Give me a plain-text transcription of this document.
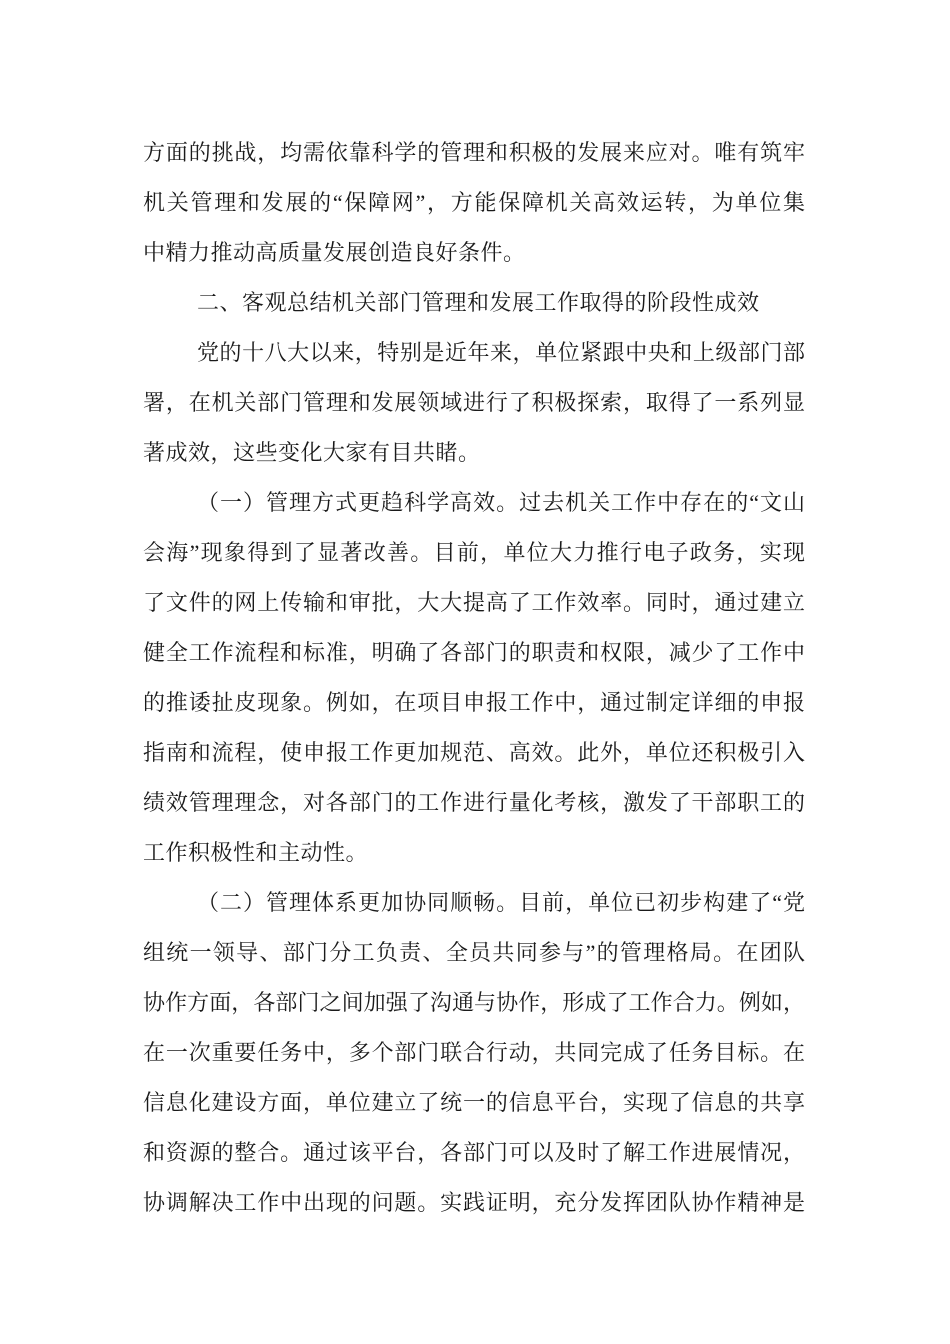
方面的挑战，均需依靠科学的管理和积极的发展来应对。唯有筑牢
机关管理和发展的“保障网”，方能保障机关高效运转，为单位集
中精力推动高质量发展创造良好条件。
二、客观总结机关部门管理和发展工作取得的阶段性成效
党的十八大以来，特别是近年来，单位紧跟中央和上级部门部
署，在机关部门管理和发展领域进行了积极探索，取得了一系列显
著成效，这些变化大家有目共睹。
（一）管理方式更趋科学高效。过去机关工作中存在的“文山
会海”现象得到了显著改善。目前，单位大力推行电子政务，实现
了文件的网上传输和审批，大大提高了工作效率。同时，通过建立
健全工作流程和标准，明确了各部门的职责和权限，减少了工作中
的推诿扯皮现象。例如，在项目申报工作中，通过制定详细的申报
指南和流程，使申报工作更加规范、高效。此外，单位还积极引入
绩效管理理念，对各部门的工作进行量化考核，激发了干部职工的
工作积极性和主动性。
（二）管理体系更加协同顺畅。目前，单位已初步构建了“党
组统一领导、部门分工负责、全员共同参与”的管理格局。在团队
协作方面，各部门之间加强了沟通与协作，形成了工作合力。例如，
在一次重要任务中，多个部门联合行动，共同完成了任务目标。在
信息化建设方面，单位建立了统一的信息平台，实现了信息的共享
和资源的整合。通过该平台，各部门可以及时了解工作进展情况，
协调解决工作中出现的问题。实践证明，充分发挥团队协作精神是
